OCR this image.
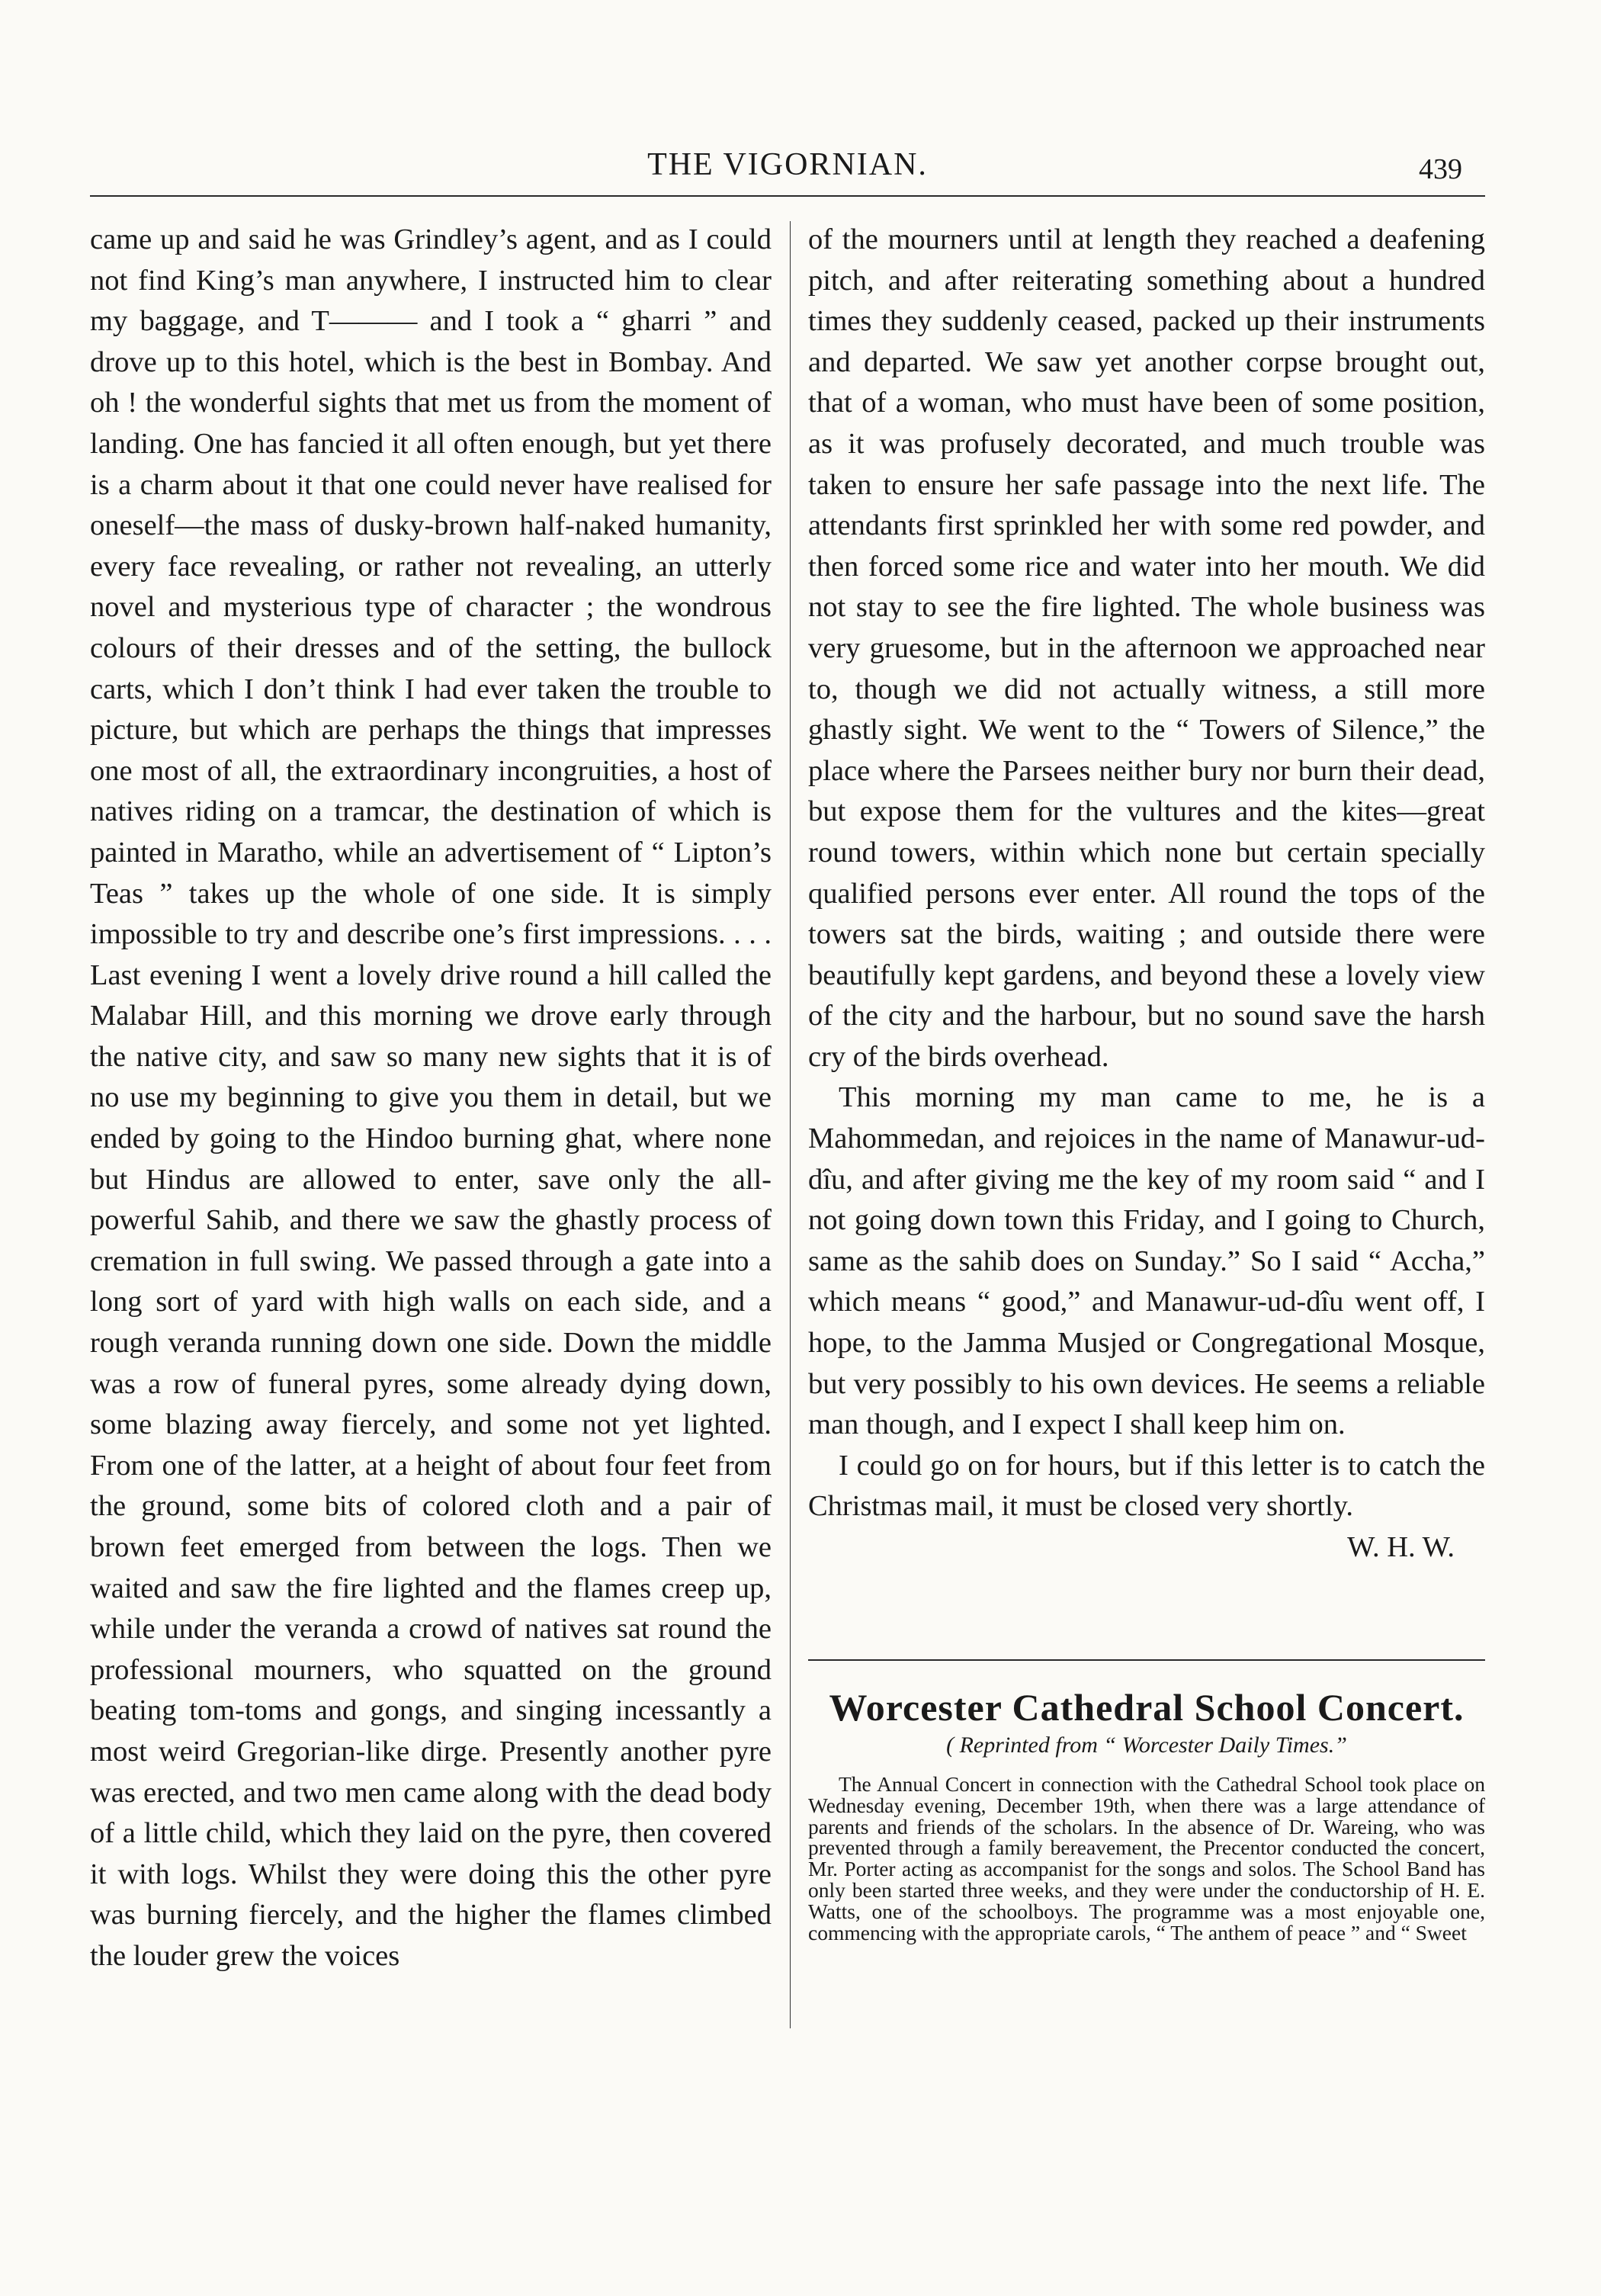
THE VIGORNIAN.	439

came up and said he was Grindley’s agent, and as I could not find King’s man anywhere, I instructed him to clear my baggage, and T——— and I took a “ gharri ” and drove up to this hotel, which is the best in Bombay. And oh ! the wonderful sights that met us from the moment of landing. One has fancied it all often enough, but yet there is a charm about it that one could never have realised for oneself—the mass of dusky-brown half-naked humanity, every face revealing, or rather not revealing, an utterly novel and mysterious type of character ; the wondrous colours of their dresses and of the setting, the bullock carts, which I don’t think I had ever taken the trouble to picture, but which are perhaps the things that impresses one most of all, the extraordinary incongruities, a host of natives riding on a tramcar, the destination of which is painted in Maratho, while an advertisement of “ Lipton’s Teas ” takes up the whole of one side. It is simply impossible to try and describe one’s first impressions. . . . Last evening I went a lovely drive round a hill called the Malabar Hill, and this morning we drove early through the native city, and saw so many new sights that it is of no use my beginning to give you them in detail, but we ended by going to the Hindoo burning ghat, where none but Hindus are allowed to enter, save only the all-powerful Sahib, and there we saw the ghastly process of cremation in full swing. We passed through a gate into a long sort of yard with high walls on each side, and a rough veranda running down one side. Down the middle was a row of funeral pyres, some already dying down, some blazing away fiercely, and some not yet lighted. From one of the latter, at a height of about four feet from the ground, some bits of colored cloth and a pair of brown feet emerged from between the logs. Then we waited and saw the fire lighted and the flames creep up, while under the veranda a crowd of natives sat round the professional mourners, who squatted on the ground beating tom-toms and gongs, and singing incessantly a most weird Gregorian-like dirge. Presently another pyre was erected, and two men came along with the dead body of a little child, which they laid on the pyre, then covered it with logs. Whilst they were doing this the other pyre was burning fiercely, and the higher the flames climbed the louder grew the voices

of the mourners until at length they reached a deafening pitch, and after reiterating something about a hundred times they suddenly ceased, packed up their instruments and departed. We saw yet another corpse brought out, that of a woman, who must have been of some position, as it was profusely decorated, and much trouble was taken to ensure her safe passage into the next life. The attendants first sprinkled her with some red powder, and then forced some rice and water into her mouth. We did not stay to see the fire lighted. The whole business was very gruesome, but in the afternoon we approached near to, though we did not actually witness, a still more ghastly sight. We went to the “ Towers of Silence,” the place where the Parsees neither bury nor burn their dead, but expose them for the vultures and the kites—great round towers, within which none but certain specially qualified persons ever enter. All round the tops of the towers sat the birds, waiting ; and outside there were beautifully kept gardens, and beyond these a lovely view of the city and the harbour, but no sound save the harsh cry of the birds overhead.

This morning my man came to me, he is a Mahommedan, and rejoices in the name of Manawur-ud-dîu, and after giving me the key of my room said “ and I not going down town this Friday, and I going to Church, same as the sahib does on Sunday.” So I said “ Accha,” which means “ good,” and Manawur-ud-dîu went off, I hope, to the Jamma Musjed or Congregational Mosque, but very possibly to his own devices. He seems a reliable man though, and I expect I shall keep him on.

I could go on for hours, but if this letter is to catch the Christmas mail, it must be closed very shortly.

W. H. W.

Worcester Cathedral School Concert.
( Reprinted from “ Worcester Daily Times.”

The Annual Concert in connection with the Cathedral School took place on Wednesday evening, December 19th, when there was a large attendance of parents and friends of the scholars. In the absence of Dr. Wareing, who was prevented through a family bereavement, the Precentor conducted the concert, Mr. Porter acting as accompanist for the songs and solos. The School Band has only been started three weeks, and they were under the conductorship of H. E. Watts, one of the schoolboys. The programme was a most enjoyable one, commencing with the appropriate carols, “ The anthem of peace ” and “ Sweet
